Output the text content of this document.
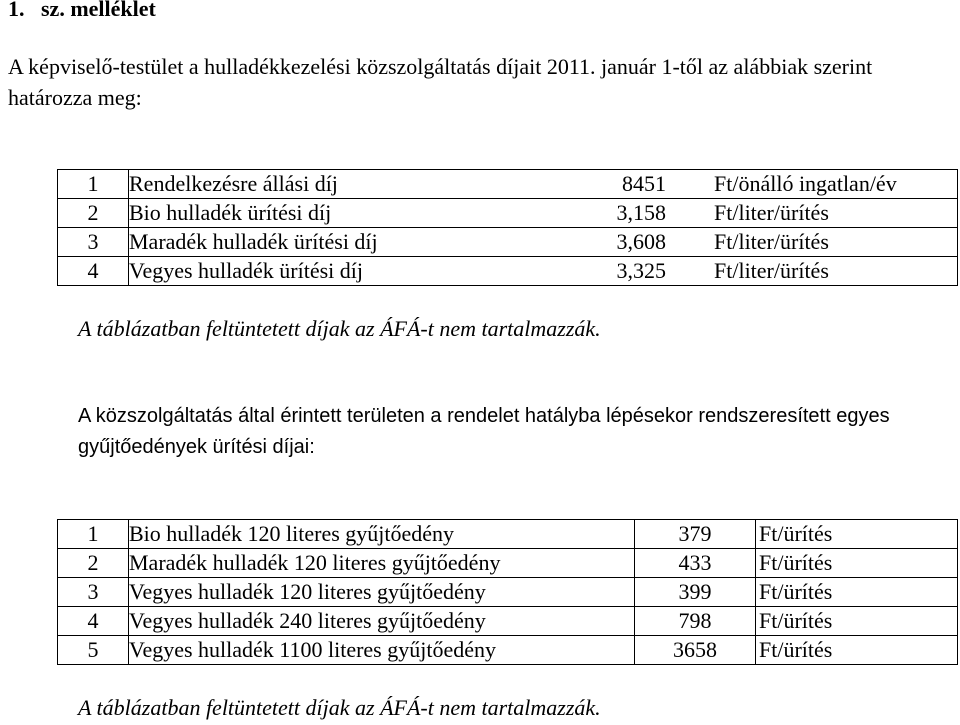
1.   sz. melléklet
A képviselő-testület a hulladékkezelési közszolgáltatás díjait 2011. január 1-től az alábbiak szerint határozza meg:
1	Rendelkezésre állási díj	8451	Ft/önálló ingatlan/év
2	Bio hulladék ürítési díj	3,158	Ft/liter/ürítés
3	Maradék hulladék ürítési díj	3,608	Ft/liter/ürítés
4	Vegyes hulladék ürítési díj	3,325	Ft/liter/ürítés
A táblázatban feltüntetett díjak az ÁFÁ-t nem tartalmazzák.
A közszolgáltatás által érintett területen a rendelet hatályba lépésekor rendszeresített egyes gyűjtőedények ürítési díjai:
1	Bio hulladék 120 literes gyűjtőedény	379	Ft/ürítés
2	Maradék hulladék 120 literes gyűjtőedény	433	Ft/ürítés
3	Vegyes hulladék 120 literes gyűjtőedény	399	Ft/ürítés
4	Vegyes hulladék 240 literes gyűjtőedény	798	Ft/ürítés
5	Vegyes hulladék 1100 literes gyűjtőedény	3658	Ft/ürítés
A táblázatban feltüntetett díjak az ÁFÁ-t nem tartalmazzák.
